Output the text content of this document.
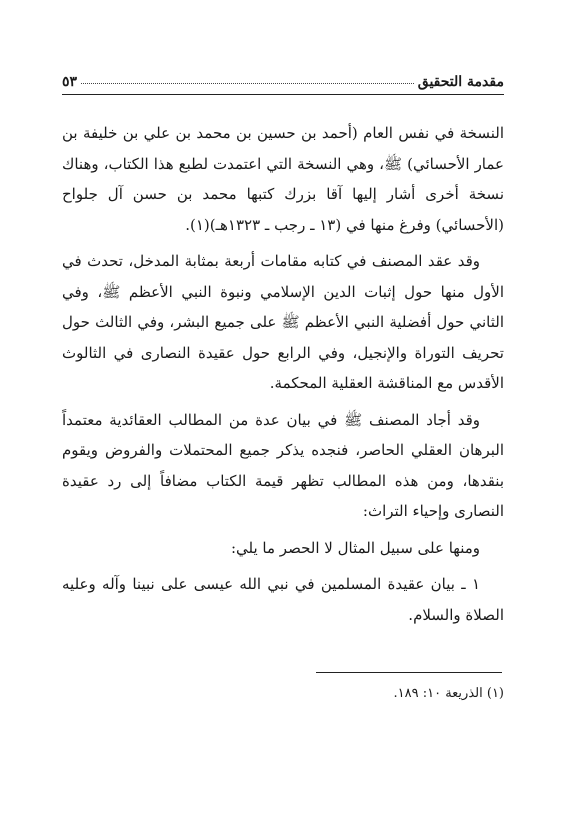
مقدمة التحقيق
٥٣

النسخة في نفس العام (أحمد بن حسين بن محمد بن علي بن خليفة بن عمار الأحسائي) ﷺ، وهي النسخة التي اعتمدت لطبع هذا الكتاب، وهناك نسخة أخرى أشار إليها آقا بزرك كتبها محمد بن حسن آل جلواح (الأحسائي) وفرغ منها في (١٣ ـ رجب ـ ١٣٢٣هـ)(١).

وقد عقد المصنف في كتابه مقامات أربعة بمثابة المدخل، تحدث في الأول منها حول إثبات الدين الإسلامي ونبوة النبي الأعظم ﷺ، وفي الثاني حول أفضلية النبي الأعظم ﷺ على جميع البشر، وفي الثالث حول تحريف التوراة والإنجيل، وفي الرابع حول عقيدة النصارى في الثالوث الأقدس مع المناقشة العقلية المحكمة.

وقد أجاد المصنف ﷺ في بيان عدة من المطالب العقائدية معتمداً البرهان العقلي الحاصر، فنجده يذكر جميع المحتملات والفروض ويقوم بنقدها، ومن هذه المطالب تظهر قيمة الكتاب مضافاً إلى رد عقيدة النصارى وإحياء التراث:

ومنها على سبيل المثال لا الحصر ما يلي:

١ ـ بيان عقيدة المسلمين في نبي الله عيسى على نبينا وآله وعليه الصلاة والسلام.

(١) الذريعة ١٠: ١٨٩.
